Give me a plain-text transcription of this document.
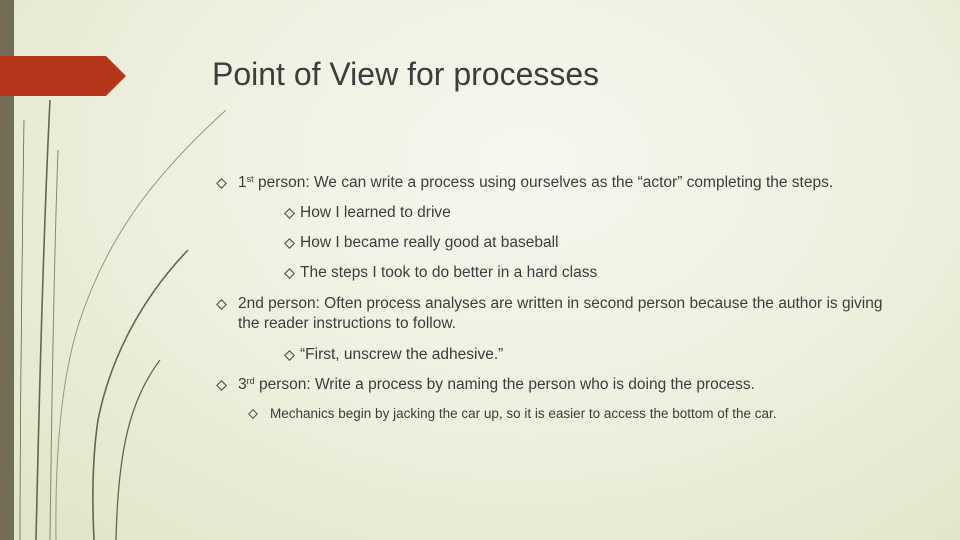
Point of View for processes
1st person: We can write a process using ourselves as the “actor” completing the steps.
How I learned to drive
How I became really good at baseball
The steps I took to do better in a hard class
2nd person: Often process analyses are written in second person because the author is giving the reader instructions to follow.
“First, unscrew the adhesive.”
3rd person: Write a process by naming the person who is doing the process.
Mechanics begin by jacking the car up, so it is easier to access the bottom of the car.
